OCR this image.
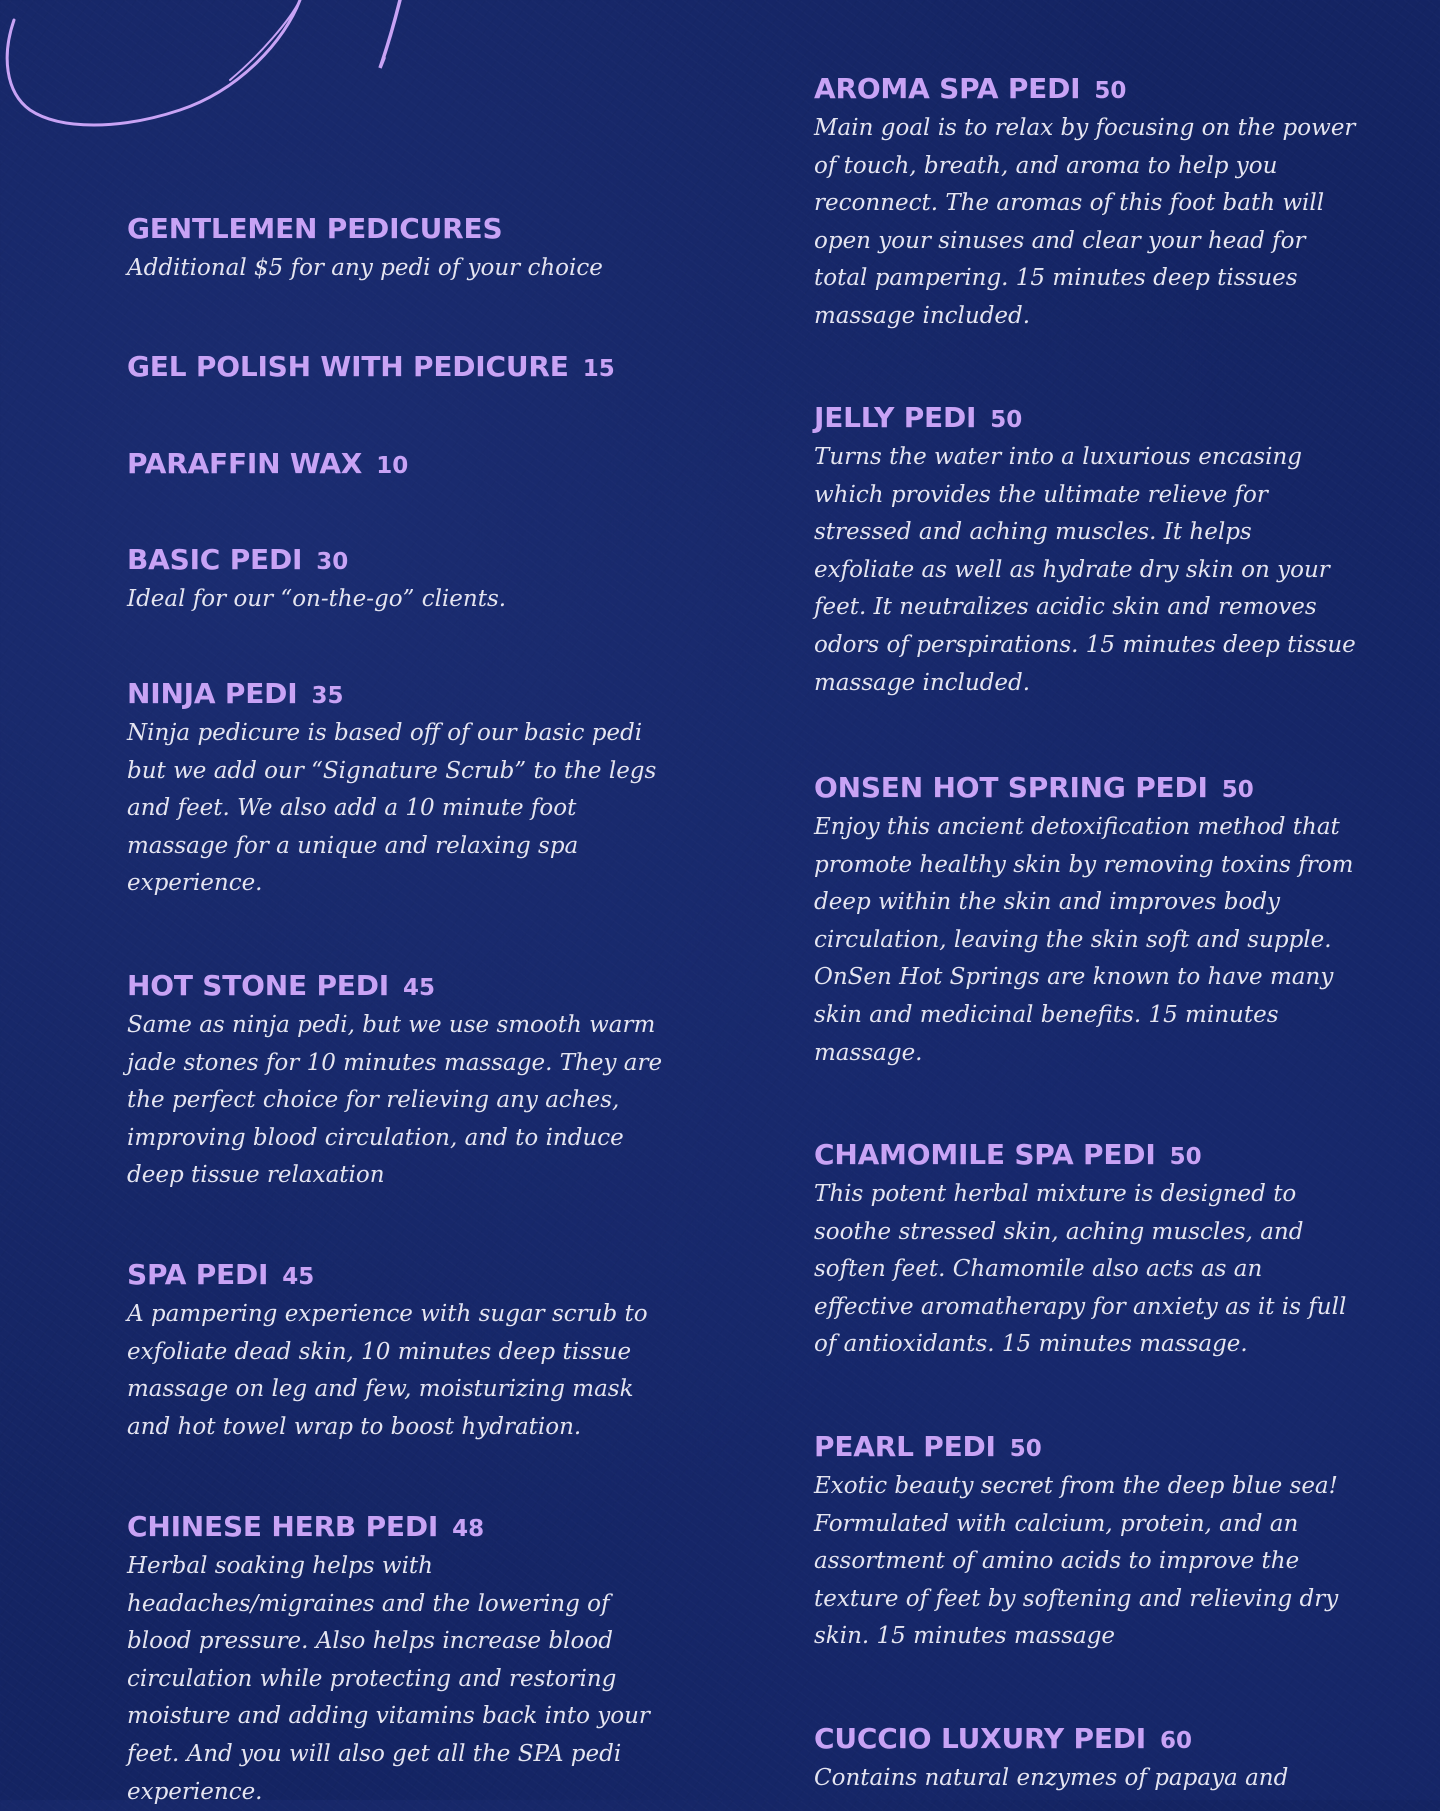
GENTLEMEN PEDICURES

Additional $5 for any pedi of your choice

GEL POLISH WITH PEDICURE 15
PARAFFIN WAX 10
BASIC PEDI 30

Ideal for our “on-the-go” clients.

NINJA PEDI 35

Ninja pedicure is based off of our basic pedi but we add our “Signature Scrub” to the legs and feet. We also add a 10 minute foot massage for a unique and relaxing spa experience.

HOT STONE PEDI 45

Same as ninja pedi, but we use smooth warm jade stones for 10 minutes massage. They are the perfect choice for relieving any aches, improving blood circulation, and to induce deep tissue relaxation

SPA PEDI 45

A pampering experience with sugar scrub to exfoliate dead skin, 10 minutes deep tissue massage on leg and few, moisturizing mask and hot towel wrap to boost hydration.

CHINESE HERB PEDI 48

Herbal soaking helps with headaches/migraines and the lowering of blood pressure. Also helps increase blood circulation while protecting and restoring moisture and adding vitamins back into your feet. And you will also get all the SPA pedi experience.

AROMA SPA PEDI 50

Main goal is to relax by focusing on the power of touch, breath, and aroma to help you reconnect. The aromas of this foot bath will open your sinuses and clear your head for total pampering. 15 minutes deep tissues massage included.

JELLY PEDI 50

Turns the water into a luxurious encasing which provides the ultimate relieve for stressed and aching muscles. It helps exfoliate as well as hydrate dry skin on your feet. It neutralizes acidic skin and removes odors of perspirations. 15 minutes deep tissue massage included.

ONSEN HOT SPRING PEDI 50

Enjoy this ancient detoxification method that promote healthy skin by removing toxins from deep within the skin and improves body circulation, leaving the skin soft and supple. OnSen Hot Springs are known to have many skin and medicinal benefits. 15 minutes massage.

CHAMOMILE SPA PEDI 50

This potent herbal mixture is designed to soothe stressed skin, aching muscles, and soften feet. Chamomile also acts as an effective aromatherapy for anxiety as it is full of antioxidants. 15 minutes massage.

PEARL PEDI 50

Exotic beauty secret from the deep blue sea! Formulated with calcium, protein, and an assortment of amino acids to improve the texture of feet by softening and relieving dry skin. 15 minutes massage

CUCCIO LUXURY PEDI 60

Contains natural enzymes of papaya and
